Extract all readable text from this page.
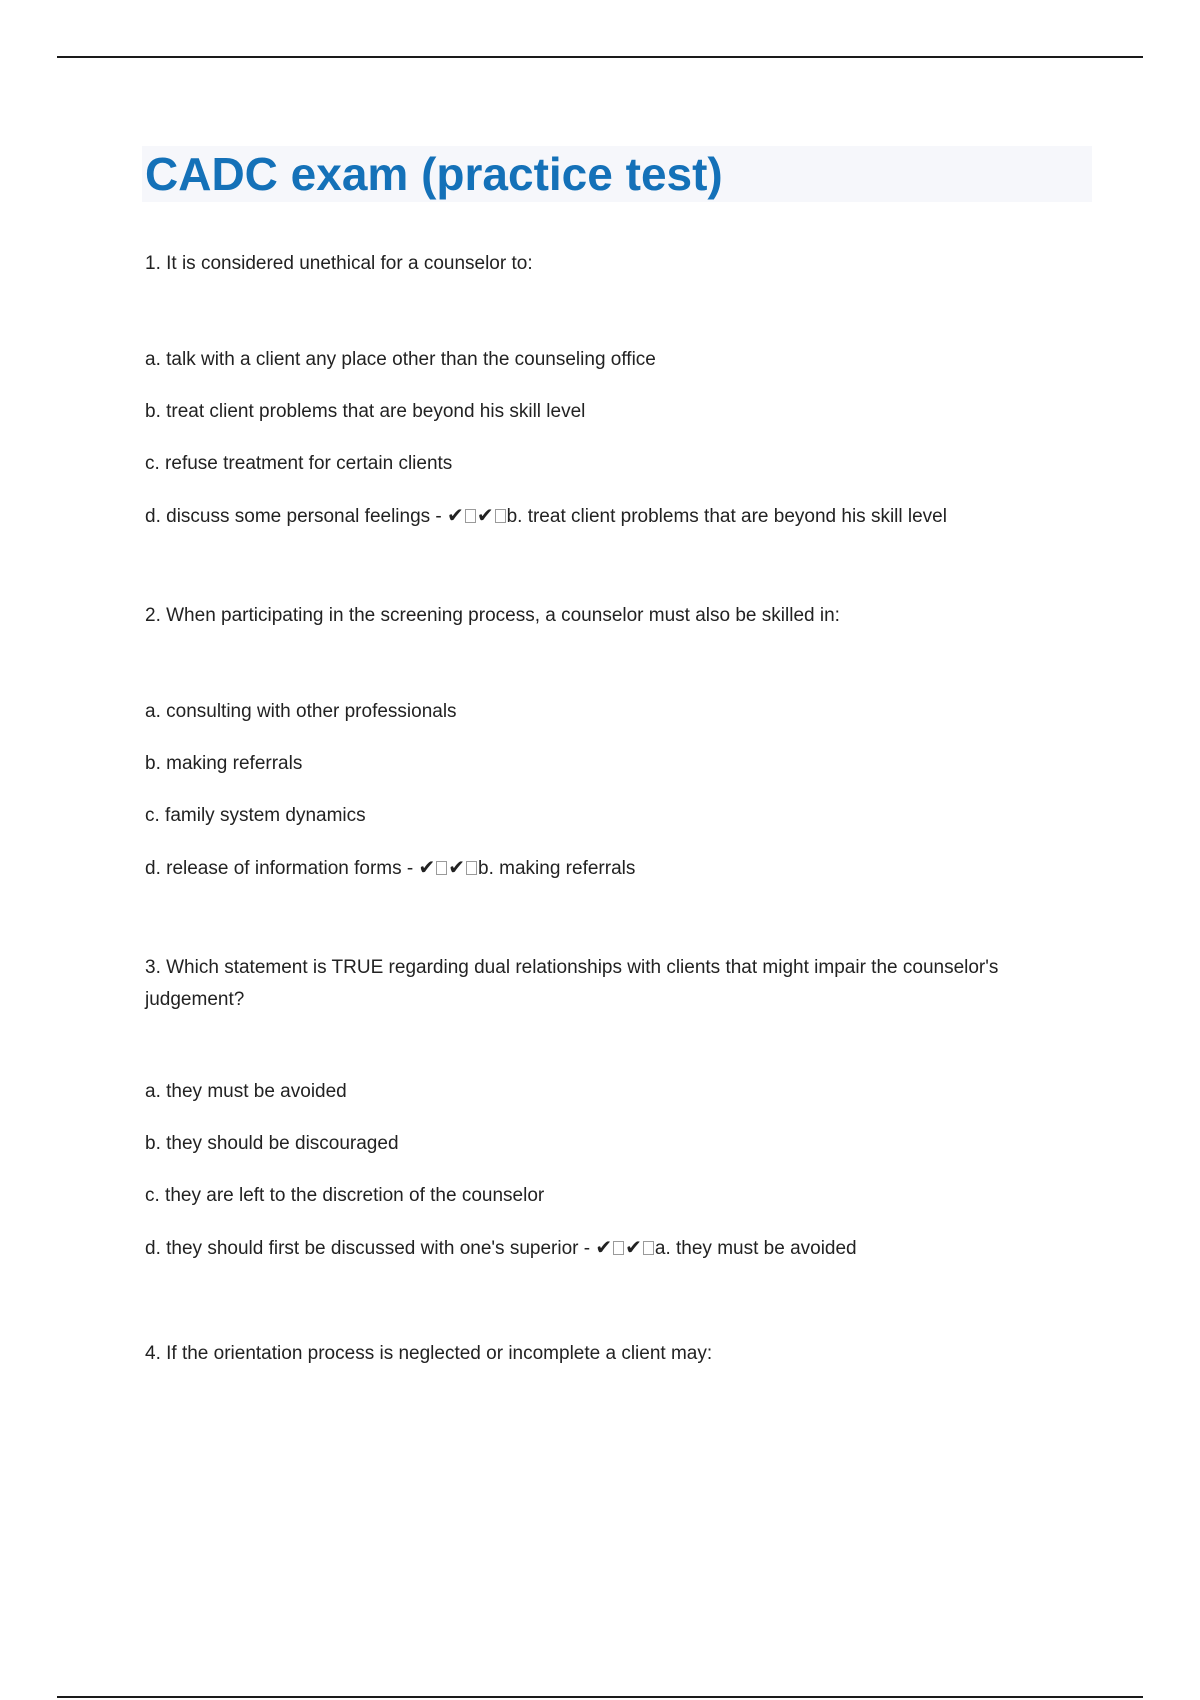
CADC exam (practice test)

1. It is considered unethical for a counselor to:

a. talk with a client any place other than the counseling office

b. treat client problems that are beyond his skill level

c. refuse treatment for certain clients

d. discuss some personal feelings - ✔ ✔ b. treat client problems that are beyond his skill level

2. When participating in the screening process, a counselor must also be skilled in:

a. consulting with other professionals

b. making referrals

c. family system dynamics

d. release of information forms - ✔ ✔ b. making referrals

3. Which statement is TRUE regarding dual relationships with clients that might impair the counselor's judgement?

a. they must be avoided

b. they should be discouraged

c. they are left to the discretion of the counselor

d. they should first be discussed with one's superior - ✔ ✔ a. they must be avoided

4. If the orientation process is neglected or incomplete a client may:
